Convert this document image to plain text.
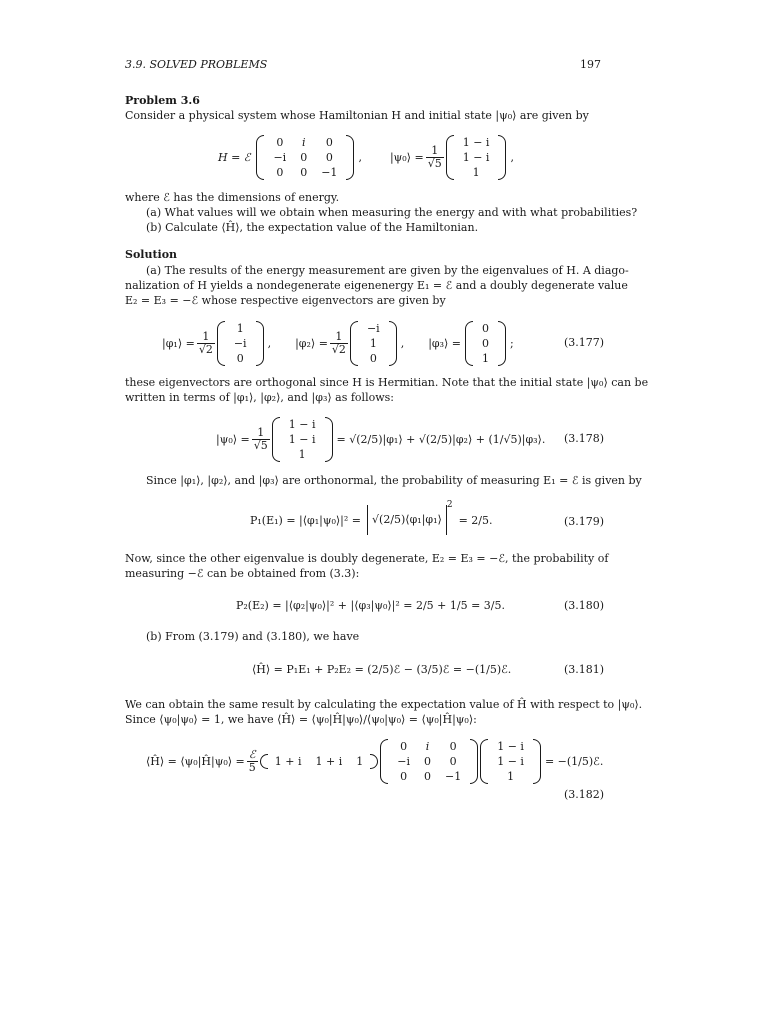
3.9. SOLVED PROBLEMS	197
Problem 3.6
Consider a physical system whose Hamiltonian H and initial state |ψ₀⟩ are given by
H = ℰ
0	i	0
−i	0	0
0	0	−1
,	|ψ₀⟩ = $\frac{1}{√5}$
1 − i
1 − i
1
,
where ℰ has the dimensions of energy.
(a) What values will we obtain when measuring the energy and with what probabilities?
(b) Calculate ⟨Ĥ⟩, the expectation value of the Hamiltonian.
Solution
(a) The results of the energy measurement are given by the eigenvalues of H. A diago-
nalization of H yields a nondegenerate eigenenergy E₁ = ℰ and a doubly degenerate value
E₂ = E₃ = −ℰ whose respective eigenvectors are given by
|φ₁⟩ = $\frac{1}{√2}$
1
−i
0
, |φ₂⟩ = $\frac{1}{√2}$
−i
1
0
, |φ₃⟩ =
0
0
1
;	(3.177)
these eigenvectors are orthogonal since H is Hermitian. Note that the initial state |ψ₀⟩ can be
written in terms of |φ₁⟩, |φ₂⟩, and |φ₃⟩ as follows:
|ψ₀⟩ = $\frac{1}{√5}$
1 − i
1 − i
1
= √(2/5)|φ₁⟩ + √(2/5)|φ₂⟩ + (1/√5)|φ₃⟩. (3.178)
Since |φ₁⟩, |φ₂⟩, and |φ₃⟩ are orthonormal, the probability of measuring E₁ = ℰ is given by
P₁(E₁) = |⟨φ₁|ψ₀⟩|² =	√(2/5)⟨φ₁|φ₁⟩
$^2$
= 2/5.	(3.179)
Now, since the other eigenvalue is doubly degenerate, E₂ = E₃ = −ℰ, the probability of
measuring −ℰ can be obtained from (3.3):
P₂(E₂) = |⟨φ₂|ψ₀⟩|² + |⟨φ₃|ψ₀⟩|² = 2/5 + 1/5 = 3/5.	(3.180)
(b) From (3.179) and (3.180), we have
⟨Ĥ⟩ = P₁E₁ + P₂E₂ = (2/5)ℰ − (3/5)ℰ = −(1/5)ℰ.	(3.181)
We can obtain the same result by calculating the expectation value of Ĥ with respect to |ψ₀⟩.
Since ⟨ψ₀|ψ₀⟩ = 1, we have ⟨Ĥ⟩ = ⟨ψ₀|Ĥ|ψ₀⟩/⟨ψ₀|ψ₀⟩ = ⟨ψ₀|Ĥ|ψ₀⟩:
⟨Ĥ⟩ = ⟨ψ₀|Ĥ|ψ₀⟩ = $\frac{\text{ℰ}}{5} 1 + i$	1 + i	1
0	i	0
−i	0	0
0	0	−1
1 − i
1 − i
1
= −(1/5)ℰ.
(3.182)
